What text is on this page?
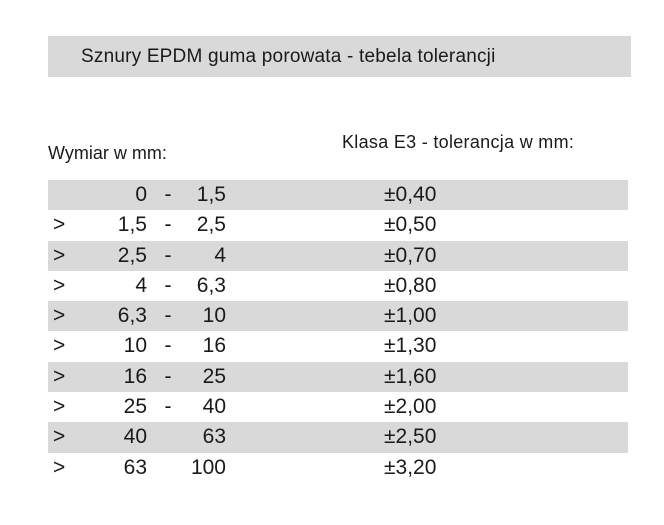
Sznury EPDM guma porowata - tebela tolerancji
Wymiar w mm:
Klasa E3 - tolerancja w mm:
0 -	1,5	±0,40
>	1,5 -	2,5	±0,50
>	2,5 -	4	±0,70
>	4 -	6,3	±0,80
>	6,3 -	10	±1,00
>	10 -	16	±1,30
>	16 -	25	±1,60
>	25 -	40	±2,00
>	40	63	±2,50
>	63	100	±3,20
